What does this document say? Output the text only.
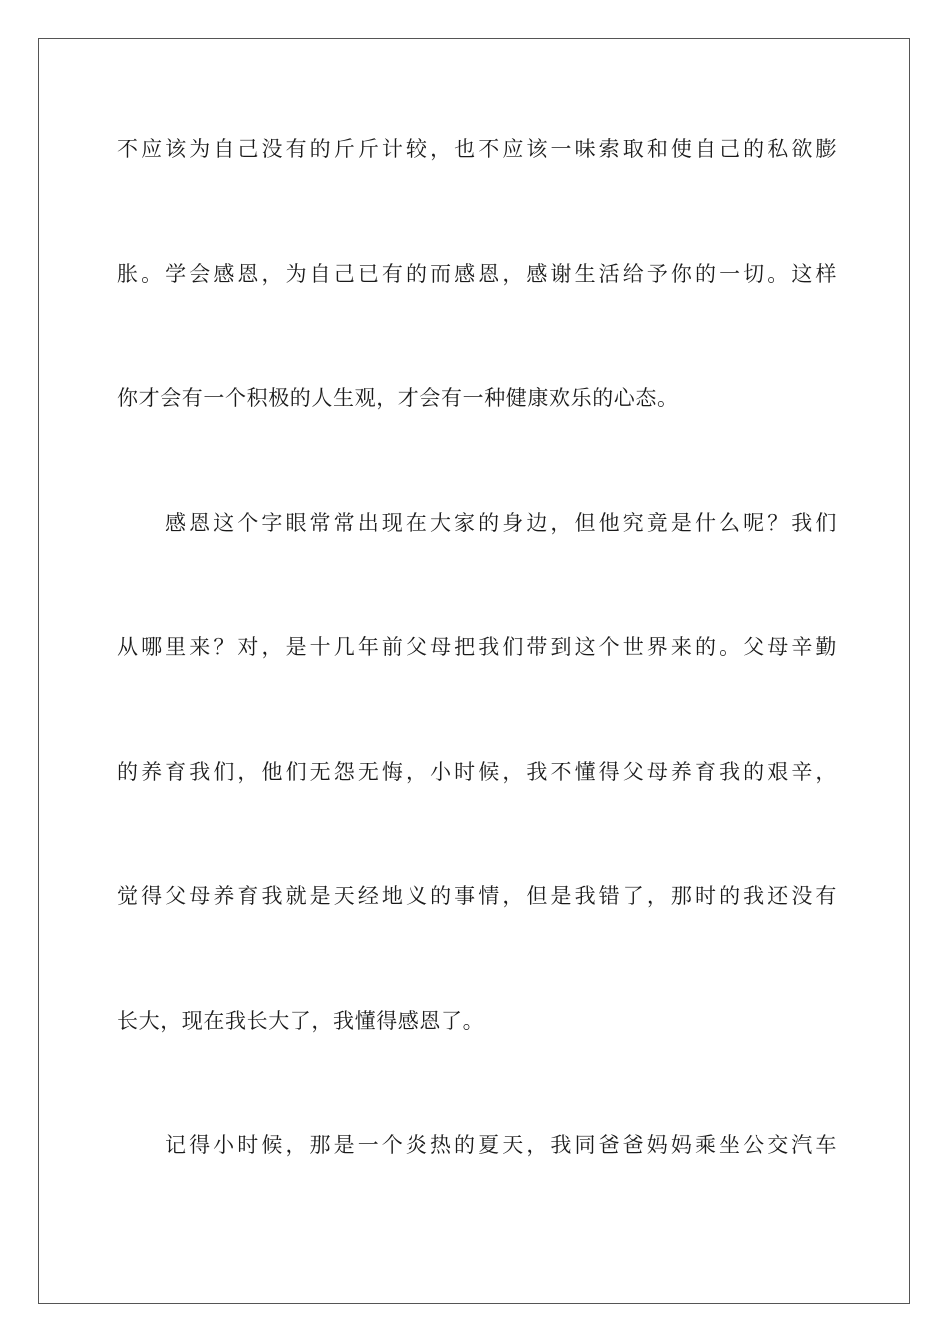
不应该为自己没有的斤斤计较，也不应该一味索取和使自己的私欲膨
胀。学会感恩，为自己已有的而感恩，感谢生活给予你的一切。这样
你才会有一个积极的人生观，才会有一种健康欢乐的心态。
感恩这个字眼常常出现在大家的身边，但他究竟是什么呢？我们
从哪里来？对，是十几年前父母把我们带到这个世界来的。父母辛勤
的养育我们，他们无怨无悔，小时候，我不懂得父母养育我的艰辛，
觉得父母养育我就是天经地义的事情，但是我错了，那时的我还没有
长大，现在我长大了，我懂得感恩了。
记得小时候，那是一个炎热的夏天，我同爸爸妈妈乘坐公交汽车
